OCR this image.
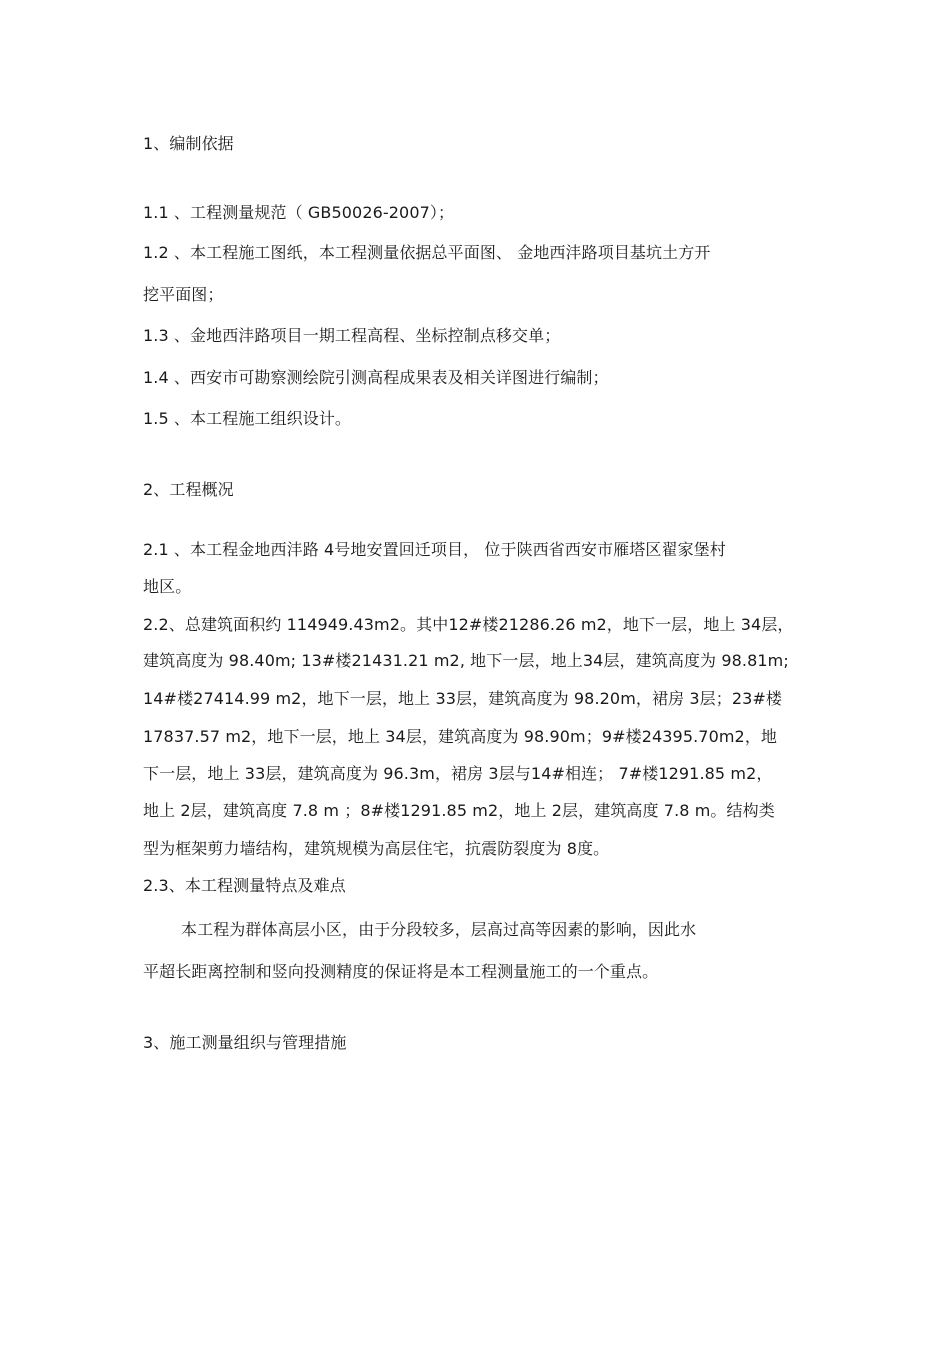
1、编制依据
1.1 、工程测量规范（ GB50026-2007）；
1.2 、本工程施工图纸，本工程测量依据总平面图、 金地西沣路项目基坑土方开
挖平面图；
1.3 、金地西沣路项目一期工程高程、坐标控制点移交单；
1.4 、西安市可勘察测绘院引测高程成果表及相关详图进行编制；
1.5 、本工程施工组织设计。
2、工程概况
2.1 、本工程金地西沣路 4号地安置回迁项目， 位于陕西省西安市雁塔区翟家堡村
地区。
2.2、总建筑面积约 114949.43m2。其中12#楼21286.26 m2，地下一层，地上 34层，
建筑高度为 98.40m; 13#楼21431.21 m2, 地下一层，地上34层，建筑高度为 98.81m;
14#楼27414.99 m2，地下一层，地上 33层，建筑高度为 98.20m，裙房 3层；23#楼
17837.57 m2，地下一层，地上 34层，建筑高度为 98.90m；9#楼24395.70m2，地
下一层，地上 33层，建筑高度为 96.3m，裙房 3层与14#相连； 7#楼1291.85 m2，
地上 2层，建筑高度 7.8 m ；8#楼1291.85 m2，地上 2层，建筑高度 7.8 m。结构类
型为框架剪力墙结构，建筑规模为高层住宅，抗震防裂度为 8度。
2.3、本工程测量特点及难点
本工程为群体高层小区，由于分段较多，层高过高等因素的影响，因此水
平超长距离控制和竖向投测精度的保证将是本工程测量施工的一个重点。
3、施工测量组织与管理措施
